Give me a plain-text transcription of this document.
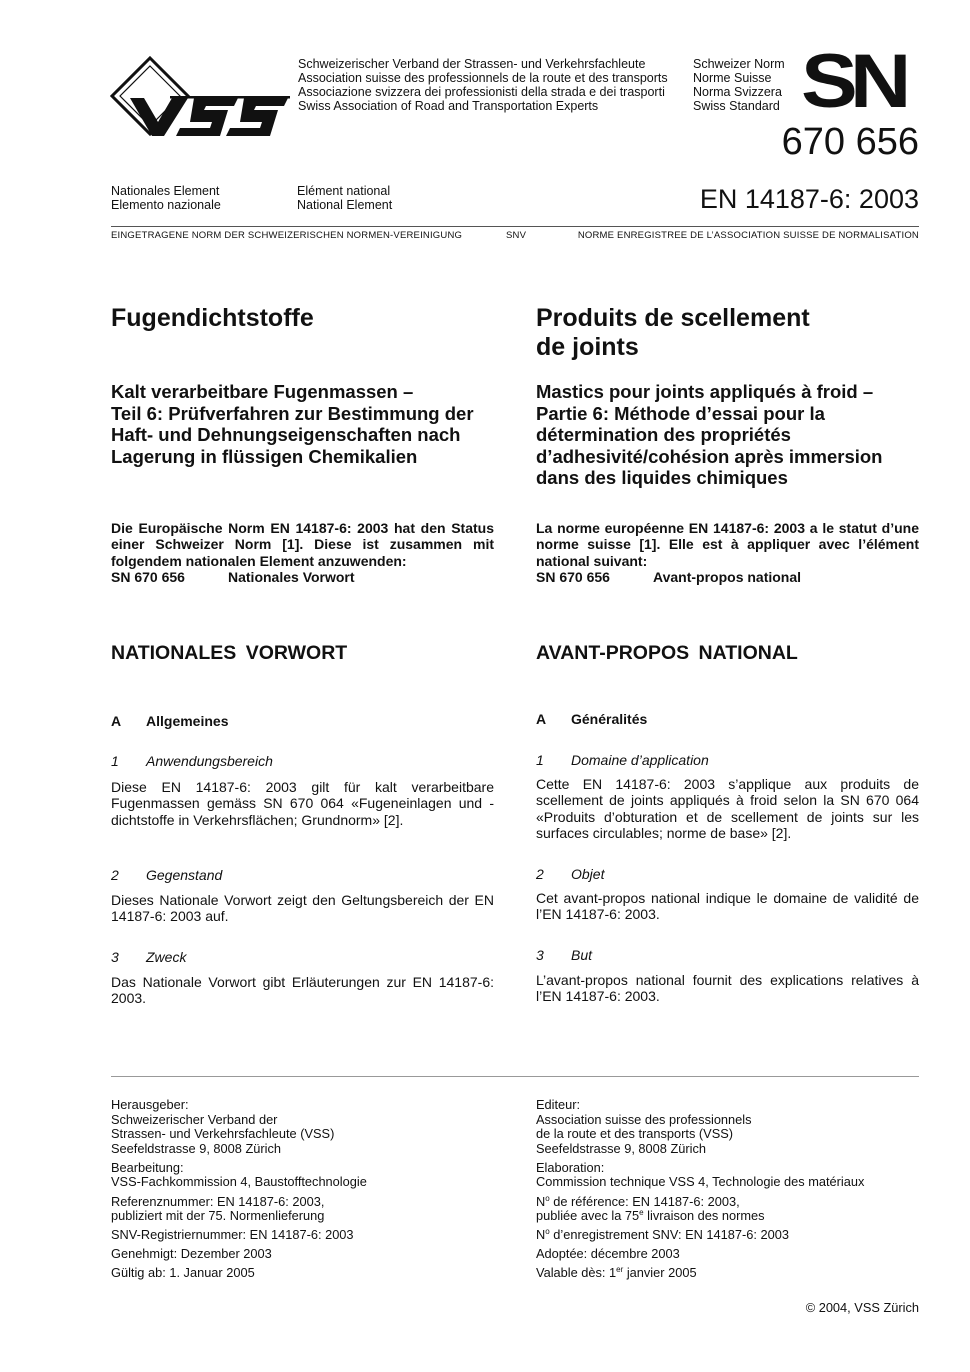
Schweizerischer Verband der Strassen- und Verkehrsfachleute
Association suisse des professionnels de la route et des transports
Associazione svizzera dei professionisti della strada e dei trasporti
Swiss Association of Road and Transportation Experts
Schweizer Norm
Norme Suisse
Norma Svizzera
Swiss Standard SN
670 656
Nationales Element
Elemento nazionale
Elément national
National Element	EN 14187-6: 2003
EINGETRAGENE NORM DER SCHWEIZERISCHEN NORMEN-VEREINIGUNG	SNV	NORME ENREGISTREE DE L’ASSOCIATION SUISSE DE NORMALISATION
Fugendichtstoffe
Kalt verarbeitbare Fugenmassen –
Teil 6: Prüfverfahren zur Bestimmung der
Haft- und Dehnungseigenschaften nach
Lagerung in flüssigen Chemikalien
Die Europäische Norm EN 14187-6: 2003 hat den Status einer Schweizer Norm [1]. Diese ist zusammen mit folgendem nationalen Element anzuwenden:
SN 670 656	Nationales Vorwort
NATIONALES VORWORT
A Allgemeines
1 Anwendungsbereich
Diese EN 14187-6: 2003 gilt für kalt verarbeitbare Fugenmassen gemäss SN 670 064 «Fugeneinlagen und -dichtstoffe in Verkehrsflächen; Grundnorm» [2].
2 Gegenstand
Dieses Nationale Vorwort zeigt den Geltungsbereich der EN 14187-6: 2003 auf.
3 Zweck
Das Nationale Vorwort gibt Erläuterungen zur EN 14187-6: 2003.
Produits de scellement
de joints
Mastics pour joints appliqués à froid –
Partie 6: Méthode d’essai pour la
détermination des propriétés
d’adhesivité/cohésion après immersion
dans des liquides chimiques
La norme européenne EN 14187-6: 2003 a le statut d’une norme suisse [1]. Elle est à appliquer avec l’élément national suivant:
SN 670 656	Avant-propos national
AVANT-PROPOS NATIONAL
A Généralités
1 Domaine d’application
Cette EN 14187-6: 2003 s’applique aux produits de scellement de joints appliqués à froid selon la SN 670 064 «Produits d’obturation et de scellement de joints sur les surfaces circulables; norme de base» [2].
2 Objet
Cet avant-propos national indique le domaine de validité de l’EN 14187-6: 2003.
3 But
L’avant-propos national fournit des explications relatives à l’EN 14187-6: 2003.
Herausgeber:
Schweizerischer Verband der
Strassen- und Verkehrsfachleute (VSS)
Seefeldstrasse 9, 8008 Zürich
Bearbeitung:
VSS-Fachkommission 4, Baustofftechnologie
Referenznummer: EN 14187-6: 2003,
publiziert mit der 75. Normenlieferung
SNV-Registriernummer: EN 14187-6: 2003
Genehmigt: Dezember 2003
Gültig ab: 1. Januar 2005
Editeur:
Association suisse des professionnels
de la route et des transports (VSS)
Seefeldstrasse 9, 8008 Zürich
Elaboration:
Commission technique VSS 4, Technologie des matériaux
$N^o$ de référence: EN 14187-6: 2003,
publiée avec la 75e livraison des normes
$N^o$ d’enregistrement SNV: EN 14187-6: 2003
Adoptée: décembre 2003
Valable dès: 1er janvier 2005
© 2004, VSS Zürich
